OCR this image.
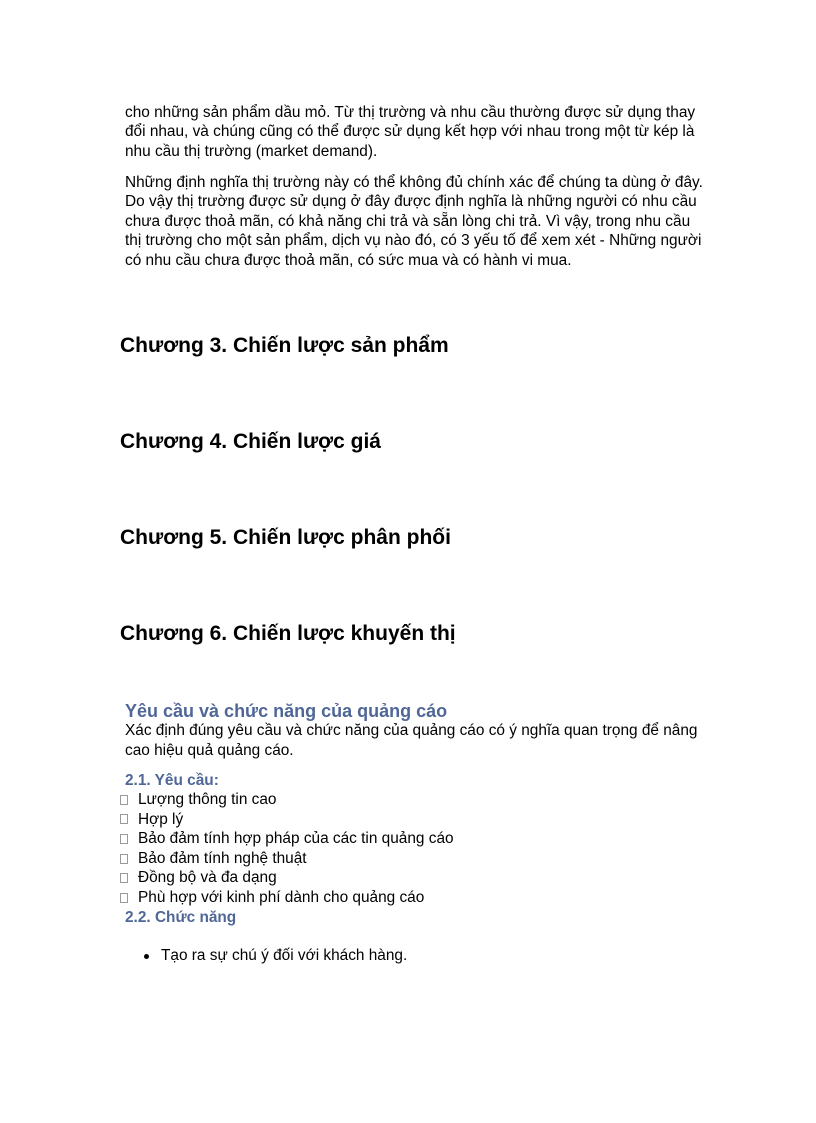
cho những sản phẩm dầu mỏ. Từ thị trường và nhu cầu thường được sử dụng thay đổi nhau, và chúng cũng có thể được sử dụng kết hợp với nhau trong một từ kép là nhu cầu thị trường (market demand).

Những định nghĩa thị trường này có thể không đủ chính xác để chúng ta dùng ở đây. Do vậy thị trường được sử dụng ở đây được định nghĩa là những người có nhu cầu chưa được thoả mãn, có khả năng chi trả và sẵn lòng chi trả. Vì vậy, trong nhu cầu thị trường cho một sản phẩm, dịch vụ nào đó, có 3 yếu tố để xem xét - Những người có nhu cầu chưa được thoả mãn, có sức mua và có hành vi mua.

Chương 3. Chiến lược sản phẩm
Chương 4. Chiến lược giá
Chương 5. Chiến lược phân phối
Chương 6. Chiến lược khuyến thị
Yêu cầu và chức năng của quảng cáo

Xác định đúng yêu cầu và chức năng của quảng cáo có ý nghĩa quan trọng để nâng cao hiệu quả quảng cáo.

2.1. Yêu cầu:
Lượng thông tin cao
Hợp lý
Bảo đảm tính hợp pháp của các tin quảng cáo
Bảo đảm tính nghệ thuật
Đồng bộ và đa dạng
Phù hợp với kinh phí dành cho quảng cáo
2.2. Chức năng
Tạo ra sự chú ý đối với khách hàng.
